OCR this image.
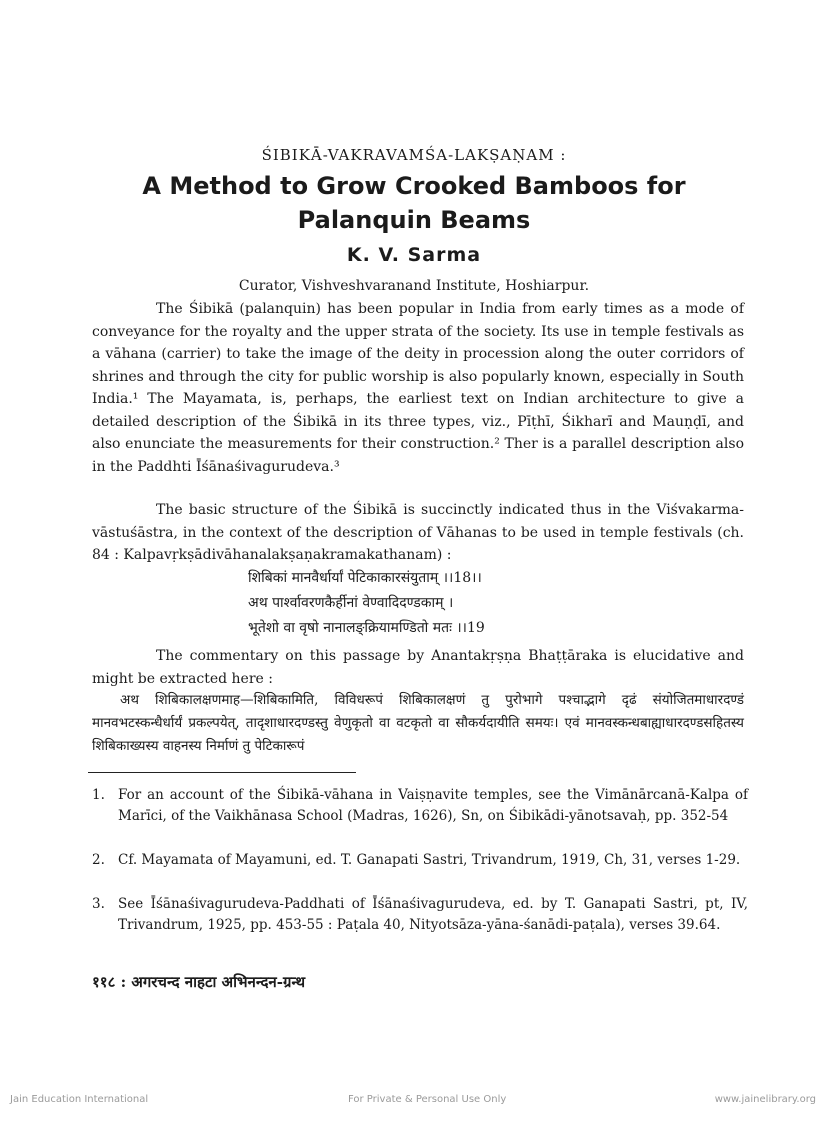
ŚIBIKĀ-VAKRAVAMŚA-LAKṢAṆAM :
A Method to Grow Crooked Bamboos for
Palanquin Beams
K. V. Sarma
Curator, Vishveshvaranand Institute, Hoshiarpur.

The Śibikā (palanquin) has been popular in India from early times as a mode of conveyance for the royalty and the upper strata of the society. Its use in temple festivals as a vāhana (carrier) to take the image of the deity in procession along the outer corridors of shrines and through the city for public worship is also popularly known, especially in South India.¹ The Mayamata, is, perhaps, the earliest text on Indian architecture to give a detailed description of the Śibikā in its three types, viz., Pīṭhī, Śikharī and Mauṇḍī, and also enunciate the measurements for their construction.² Ther is a parallel description also in the Paddhti Īśānaśivagurudeva.³

The basic structure of the Śibikā is succinctly indicated thus in the Viśvakarma-vāstuśāstra, in the context of the description of Vāhanas to be used in temple festivals (ch. 84 : Kalpavṛkṣādivāhanalakṣaṇakramakathanam) :

शिबिकां मानवैर्धार्यां पेटिकाकारसंयुताम् ।।18।।
अथ पार्श्वावरणकैर्हीनां वेण्वादिदण्डकाम् ।
भूतेशो वा वृषो नानालङ्क्रियामण्डितो मतः ।।19

The commentary on this passage by Anantakṛṣṇa Bhaṭṭāraka is elucidative and might be extracted here :

अथ शिबिकालक्षणमाह—शिबिकामिति, विविधरूपं शिबिकालक्षणं तु पुरोभागे पश्चाद्भागे दृढं संयोजितमाधारदण्डं मानवभटस्कन्धैर्धार्यं प्रकल्पयेत्, तादृशाधारदण्डस्तु वेणुकृतो वा वटकृतो वा सौकर्यदायीति समयः। एवं मानवस्कन्धबाह्याधारदण्डसहितस्य शिबिकाख्यस्य वाहनस्य निर्माणं तु पेटिकारूपं

1. For an account of the Śibikā-vāhana in Vaiṣṇavite temples, see the Vimānārcanā-Kalpa of Marīci, of the Vaikhānasa School (Madras, 1626), Sn, on Śibikādi-yānotsavaḥ, pp. 352-54
2. Cf. Mayamata of Mayamuni, ed. T. Ganapati Sastri, Trivandrum, 1919, Ch, 31, verses 1-29.
3. See Īśānaśivagurudeva-Paddhati of Īśānaśivagurudeva, ed. by T. Ganapati Sastri, pt, IV, Trivandrum, 1925, pp. 453-55 : Paṭala 40, Nityotsāza-yāna-śanādi-paṭala), verses 39.64.
११८ : अगरचन्द नाहटा अभिनन्दन-ग्रन्थ
Jain Education International	For Private & Personal Use Only	www.jainelibrary.org
